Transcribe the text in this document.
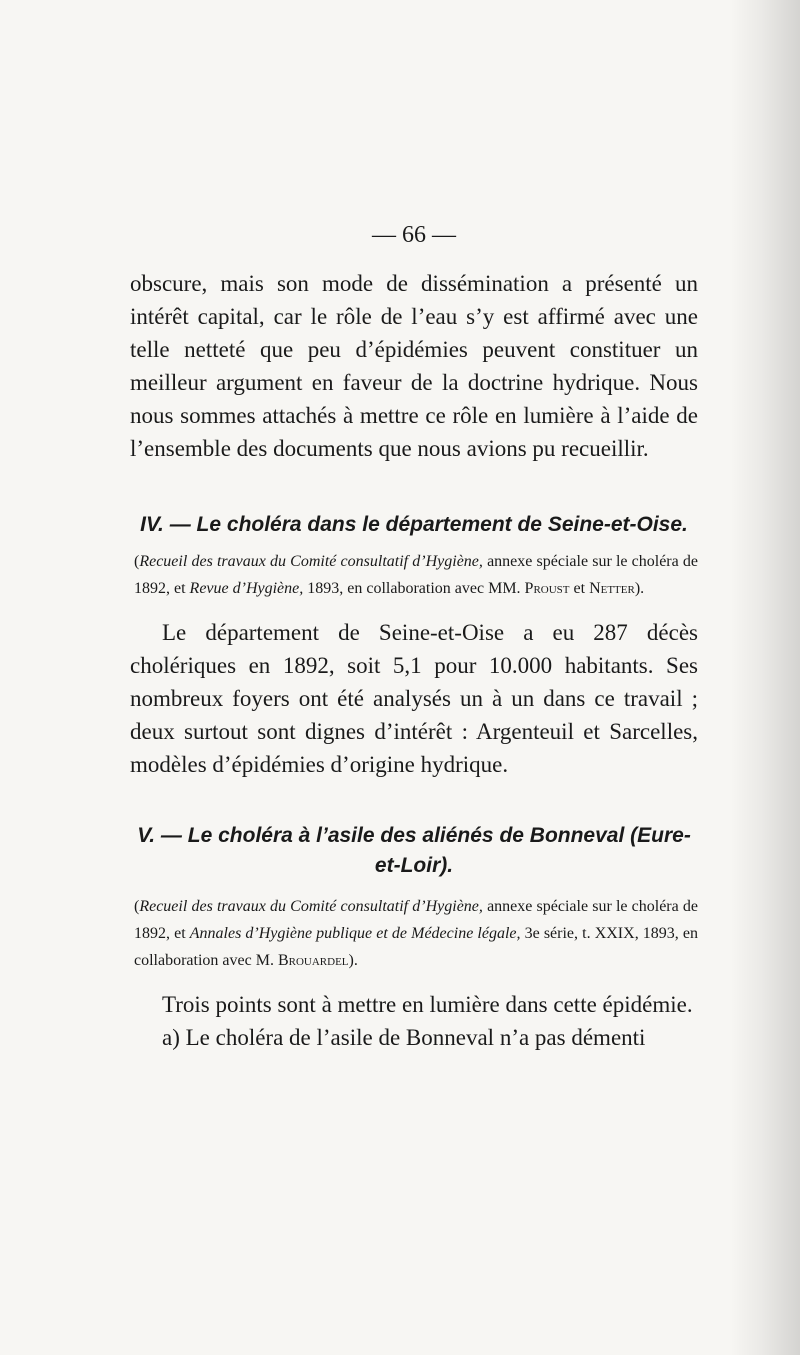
— 66 —

obscure, mais son mode de dissémination a présenté un intérêt capital, car le rôle de l’eau s’y est affirmé avec une telle netteté que peu d’épidémies peuvent constituer un meilleur argument en faveur de la doctrine hydrique. Nous nous sommes attachés à mettre ce rôle en lumière à l’aide de l’ensemble des documents que nous avions pu recueillir.

IV. — Le choléra dans le département de Seine-et-Oise.

(Recueil des travaux du Comité consultatif d’Hygiène, annexe spéciale sur le choléra de 1892, et Revue d’Hygiène, 1893, en collaboration avec MM. Proust et Netter).

Le département de Seine-et-Oise a eu 287 décès cholériques en 1892, soit 5,1 pour 10.000 habitants. Ses nombreux foyers ont été analysés un à un dans ce travail ; deux surtout sont dignes d’intérêt : Argenteuil et Sarcelles, modèles d’épidémies d’origine hydrique.

V. — Le choléra à l’asile des aliénés de Bonneval (Eure-et-Loir).

(Recueil des travaux du Comité consultatif d’Hygiène, annexe spéciale sur le choléra de 1892, et Annales d’Hygiène publique et de Médecine légale, 3e série, t. XXIX, 1893, en collaboration avec M. Brouardel).

Trois points sont à mettre en lumière dans cette épidémie.

a) Le choléra de l’asile de Bonneval n’a pas démenti
